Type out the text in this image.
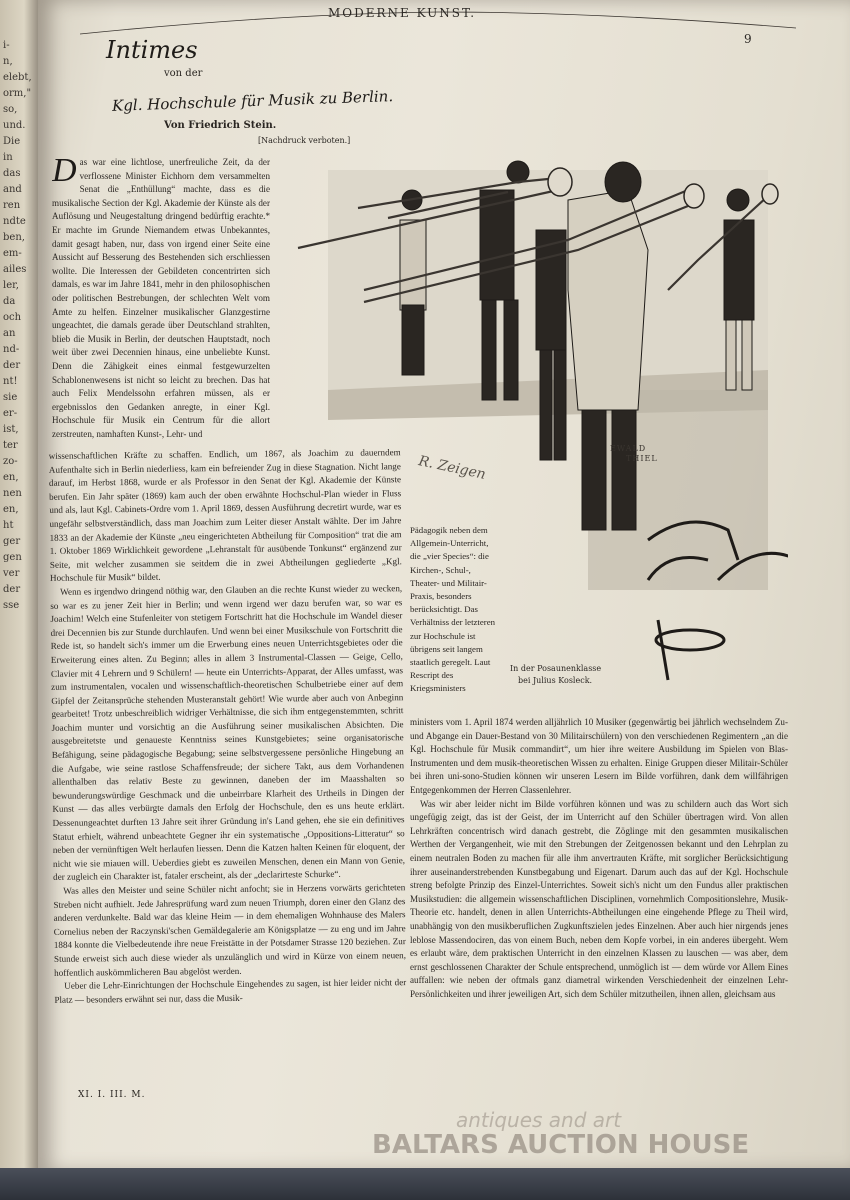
i-
n,
elebt,
orm,"
so,
und.
Die
in
das
and
ren
ndte
ben,
em-
ailes
ler,
da
och
an
nd-
der
nt!
sie
er-
ist,
ter
zo-
en,
nen
en,
ht
ger
gen
ver
der
sse
MODERNE KUNST.
9
Intimes
von der
Kgl. Hochschule für Musik zu Berlin.
Von Friedrich Stein.
[Nachdruck verboten.]

Das war eine lichtlose, unerfreuliche Zeit, da der verflossene Minister Eichhorn dem versammelten Senat die „Enthüllung“ machte, dass es die musikalische Section der Kgl. Akademie der Künste als der Auflösung und Neugestaltung dringend bedürftig erachte.* Er machte im Grunde Niemandem etwas Unbekanntes, damit gesagt haben, nur, dass von irgend einer Seite eine Aussicht auf Besserung des Bestehenden sich erschliessen wollte. Die Interessen der Gebildeten concentrirten sich damals, es war im Jahre 1841, mehr in den philosophischen oder politischen Bestrebungen, der schlechten Welt vom Amte zu helfen. Einzelner musikalischer Glanzgestirne ungeachtet, die damals gerade über Deutschland strahlten, blieb die Musik in Berlin, der deutschen Hauptstadt, noch weit über zwei Decennien hinaus, eine unbeliebte Kunst. Denn die Zähigkeit eines einmal festgewurzelten Schablonenwesens ist nicht so leicht zu brechen. Das hat auch Felix Mendelssohn erfahren müssen, als er ergebnisslos den Gedanken anregte, in einer Kgl. Hochschule für Musik ein Centrum für die allort zerstreuten, namhaften Kunst-, Lehr- und

wissenschaftlichen Kräfte zu schaffen. Endlich, um 1867, als Joachim zu dauerndem Aufenthalte sich in Berlin niederliess, kam ein befreiender Zug in diese Stagnation. Nicht lange darauf, im Herbst 1868, wurde er als Professor in den Senat der Kgl. Akademie der Künste berufen. Ein Jahr später (1869) kam auch der oben erwähnte Hochschul-Plan wieder in Fluss und als, laut Kgl. Cabinets-Ordre vom 1. April 1869, dessen Ausführung decretirt wurde, war es ungefähr selbstverständlich, dass man Joachim zum Leiter dieser Anstalt wählte. Der im Jahre 1833 an der Akademie der Künste „neu eingerichteten Abtheilung für Composition“ trat die am 1. Oktober 1869 Wirklichkeit gewordene „Lehranstalt für ausübende Tonkunst“ ergänzend zur Seite, mit welcher zusammen sie seitdem die in zwei Abtheilungen gegliederte „Kgl. Hochschule für Musik“ bildet.

Wenn es irgendwo dringend nöthig war, den Glauben an die rechte Kunst wieder zu wecken, so war es zu jener Zeit hier in Berlin; und wenn irgend wer dazu berufen war, so war es Joachim! Welch eine Stufenleiter von stetigem Fortschritt hat die Hochschule im Wandel dieser drei Decennien bis zur Stunde durchlaufen. Und wenn bei einer Musikschule von Fortschritt die Rede ist, so handelt sich's immer um die Erwerbung eines neuen Unterrichtsgebietes oder die Erweiterung eines alten. Zu Beginn; alles in allem 3 Instrumental-Classen — Geige, Cello, Clavier mit 4 Lehrern und 9 Schülern! — heute ein Unterrichts-Apparat, der Alles umfasst, was zum instrumentalen, vocalen und wissenschaftlich-theoretischen Schulbetriebe einer auf dem Gipfel der Zeitansprüche stehenden Musteranstalt gehört! Wie wurde aber auch von Anbeginn gearbeitet! Trotz unbeschreiblich widriger Verhältnisse, die sich ihm entgegenstemmten, schritt Joachim munter und vorsichtig an die Ausführung seiner musikalischen Absichten. Die ausgebreitetste und genaueste Kenntniss seines Kunstgebietes; seine organisatorische Befähigung, seine pädagogische Begabung; seine selbstvergessene persönliche Hingebung an die Aufgabe, wie seine rastlose Schaffensfreude; der sichere Takt, aus dem Vorhandenen allenthalben das relativ Beste zu gewinnen, daneben der im Maasshalten so bewunderungswürdige Geschmack und die unbeirrbare Klarheit des Urtheils in Dingen der Kunst — das alles verbürgte damals den Erfolg der Hochschule, den es uns heute erklärt. Dessenungeachtet durften 13 Jahre seit ihrer Gründung in's Land gehen, ehe sie ein definitives Statut erhielt, während unbeachtete Gegner ihr ein systematische „Oppositions-Litteratur“ so neben der vernünftigen Welt herlaufen liessen. Denn die Katzen halten Keinen für eloquent, der nicht wie sie miauen will. Ueberdies giebt es zuweilen Menschen, denen ein Mann von Genie, der zugleich ein Charakter ist, fataler erscheint, als der „declarirteste Schurke“.

Was alles den Meister und seine Schüler nicht anfocht; sie in Herzens vorwärts gerichteten Streben nicht aufhielt. Jede Jahresprüfung ward zum neuen Triumph, doren einer den Glanz des anderen verdunkelte. Bald war das kleine Heim — in dem ehemaligen Wohnhause des Malers Cornelius neben der Raczynski'schen Gemäldegalerie am Königsplatze — zu eng und im Jahre 1884 konnte die Vielbedeutende ihre neue Freistätte in der Potsdamer Strasse 120 beziehen. Zur Stunde erweist sich auch diese wieder als unzulänglich und wird in Kürze von einem neuen, hoffentlich auskömmlicheren Bau abgelöst werden.

Ueber die Lehr-Einrichtungen der Hochschule Eingehendes zu sagen, ist hier leider nicht der Platz — besonders erwähnt sei nur, dass die Musik-

R. Zeigen
EWALD
THIEL

Pädagogik neben dem Allgemein-Unterricht, die „vier Species“: die Kirchen-, Schul-, Theater- und Militair-Praxis, besonders berücksichtigt. Das Verhältniss der letzteren zur Hochschule ist übrigens seit langem staatlich geregelt. Laut Rescript des Kriegsministers

In der Posaunenklasse
bei Julius Kosleck.

ministers vom 1. April 1874 werden alljährlich 10 Musiker (gegenwärtig bei jährlich wechselndem Zu- und Abgange ein Dauer-Bestand von 30 Militairschülern) von den verschiedenen Regimentern „an die Kgl. Hochschule für Musik commandirt“, um hier ihre weitere Ausbildung im Spielen von Blas-Instrumenten und dem musik-theoretischen Wissen zu erhalten. Einige Gruppen dieser Militair-Schüler bei ihren uni-sono-Studien können wir unseren Lesern im Bilde vorführen, dank dem willfährigen Entgegenkommen der Herren Classenlehrer.

Was wir aber leider nicht im Bilde vorführen können und was zu schildern auch das Wort sich ungefügig zeigt, das ist der Geist, der im Unterricht auf den Schüler übertragen wird. Von allen Lehrkräften concentrisch wird danach gestrebt, die Zöglinge mit den gesammten musikalischen Werthen der Vergangenheit, wie mit den Strebungen der Zeitgenossen bekannt und den Lehrplan zu einem neutralen Boden zu machen für alle ihm anvertrauten Kräfte, mit sorglicher Berücksichtigung ihrer auseinanderstrebenden Kunstbegabung und Eigenart. Darum auch das auf der Kgl. Hochschule streng befolgte Prinzip des Einzel-Unterrichtes. Soweit sich's nicht um den Fundus aller praktischen Musikstudien: die allgemein wissenschaftlichen Disciplinen, vornehmlich Compositionslehre, Musik-Theorie etc. handelt, denen in allen Unterrichts-Abtheilungen eine eingehende Pflege zu Theil wird, unabhängig von den musikberuflichen Zugkunftszielen jedes Einzelnen. Aber auch hier nirgends jenes leblose Massendociren, das von einem Buch, neben dem Kopfe vorbei, in ein anderes übergeht. Wem es erlaubt wäre, dem praktischen Unterricht in den einzelnen Klassen zu lauschen — was aber, dem ernst geschlossenen Charakter der Schule entsprechend, unmöglich ist — dem würde vor Allem Eines auffallen: wie neben der oftmals ganz diametral wirkenden Verschiedenheit der einzelnen Lehr-Persönlichkeiten und ihrer jeweiligen Art, sich dem Schüler mitzutheilen, ihnen allen, gleichsam aus

XI. I. III. M.
antiques and art
BALTARS AUCTION HOUSE
